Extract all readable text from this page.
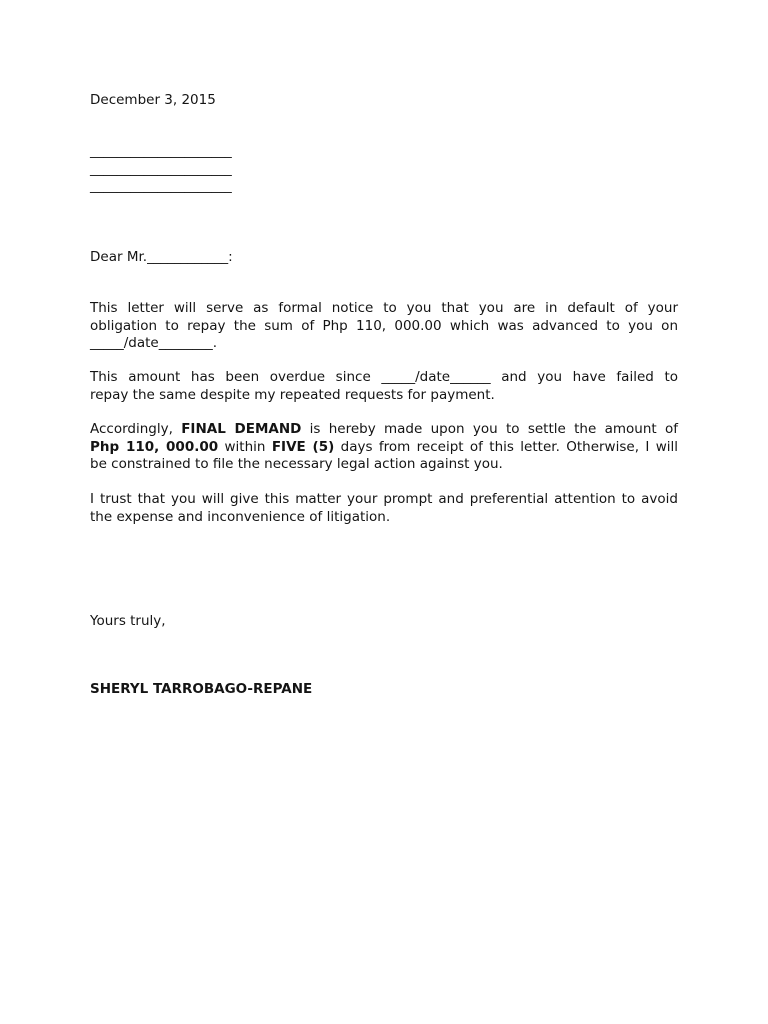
December 3, 2015
_____________________
_____________________
_____________________
Dear Mr.____________:
This letter will serve as formal notice to you that you are in default of your
obligation to repay the sum of Php 110, 000.00 which was advanced to you on
_____/date________.
This amount has been overdue since _____/date______ and you have failed to
repay the same despite my repeated requests for payment.
Accordingly, FINAL DEMAND is hereby made upon you to settle the amount of
Php 110, 000.00 within FIVE (5) days from receipt of this letter. Otherwise, I will
be constrained to file the necessary legal action against you.
I trust that you will give this matter your prompt and preferential attention to avoid
the expense and inconvenience of litigation.
Yours truly,
SHERYL TARROBAGO-REPANE
